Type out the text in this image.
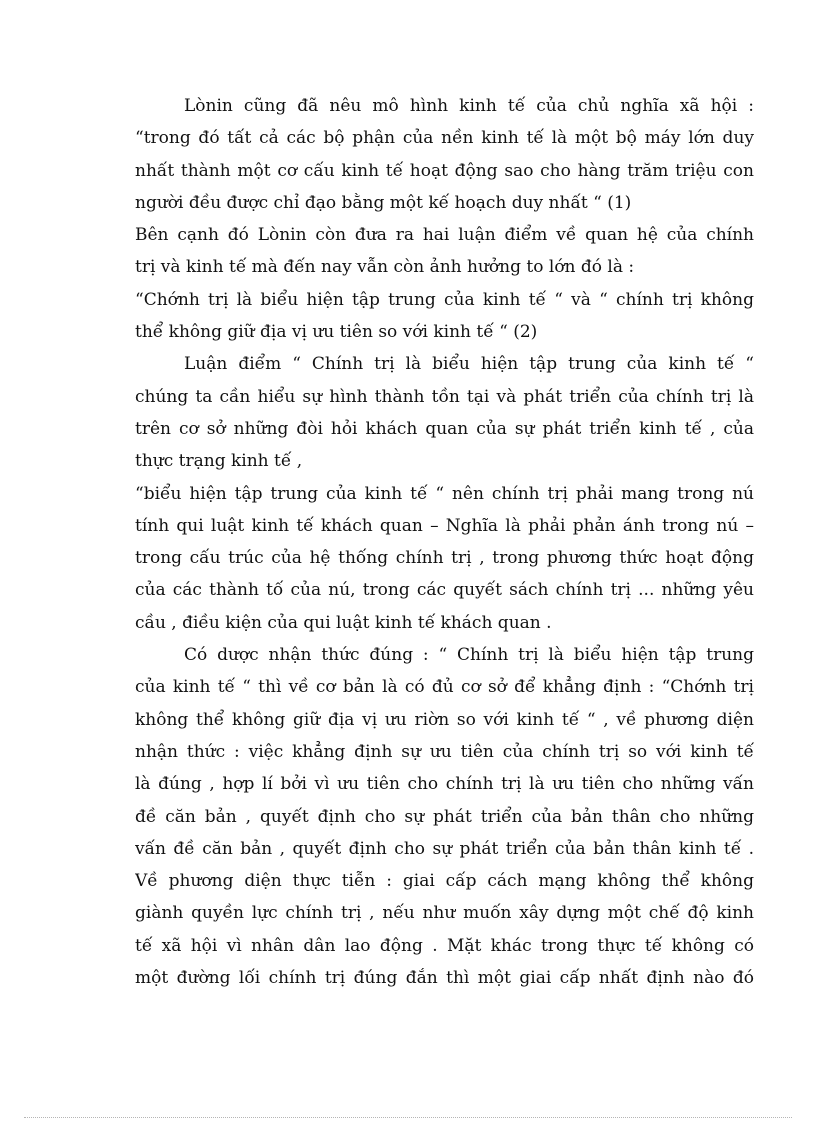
Lònin cũng đã nêu mô hình kinh tế của chủ nghĩa xã hội :
“trong đó tất cả các bộ phận của nền kinh tế là một bộ máy lớn duy
nhất thành một cơ cấu kinh tế hoạt động sao cho hàng trăm triệu con
người đều được chỉ đạo bằng một kế hoạch duy nhất “ (1)
Bên cạnh đó Lònin còn đưa ra hai luận điểm về quan hệ của chính
trị và kinh tế mà đến nay vẫn còn ảnh hưởng to lớn đó là :
“Chớnh trị là biểu hiện tập trung của kinh tế “ và “ chính trị không
thể không giữ địa vị ưu tiên so với kinh tế “ (2)
Luận điểm “ Chính trị là biểu hiện tập trung của kinh tế “
chúng ta cần hiểu sự hình thành tồn tại và phát triển của chính trị là
trên cơ sở những đòi hỏi khách quan của sự phát triển kinh tế , của
thực trạng kinh tế ,
“biểu hiện tập trung của kinh tế “ nên chính trị phải mang trong nú
tính qui luật kinh tế khách quan – Nghĩa là phải phản ánh trong nú –
trong cấu trúc của hệ thống chính trị , trong phương thức hoạt động
của các thành tố của nú, trong các quyết sách chính trị ... những yêu
cầu , điều kiện của qui luật kinh tế khách quan .
Có dược nhận thức đúng : “ Chính trị là biểu hiện tập trung
của kinh tế “ thì về cơ bản là có đủ cơ sở để khẳng định : “Chớnh trị
không thể không giữ địa vị ưu riờn so với kinh tế “ , về phương diện
nhận thức : việc khẳng định sự ưu tiên của chính trị so với kinh tế
là đúng , hợp lí bởi vì ưu tiên cho chính trị là ưu tiên cho những vấn
đề căn bản , quyết định cho sự phát triển của bản thân cho những
vấn đề căn bản , quyết định cho sự phát triển của bản thân kinh tế .
Về phương diện thực tiễn : giai cấp cách mạng không thể không
giành quyền lực chính trị , nếu như muốn xây dựng một chế độ kinh
tế xã hội vì nhân dân lao động . Mặt khác trong thực tế không có
một đường lối chính trị đúng đắn thì một giai cấp nhất định nào đó
